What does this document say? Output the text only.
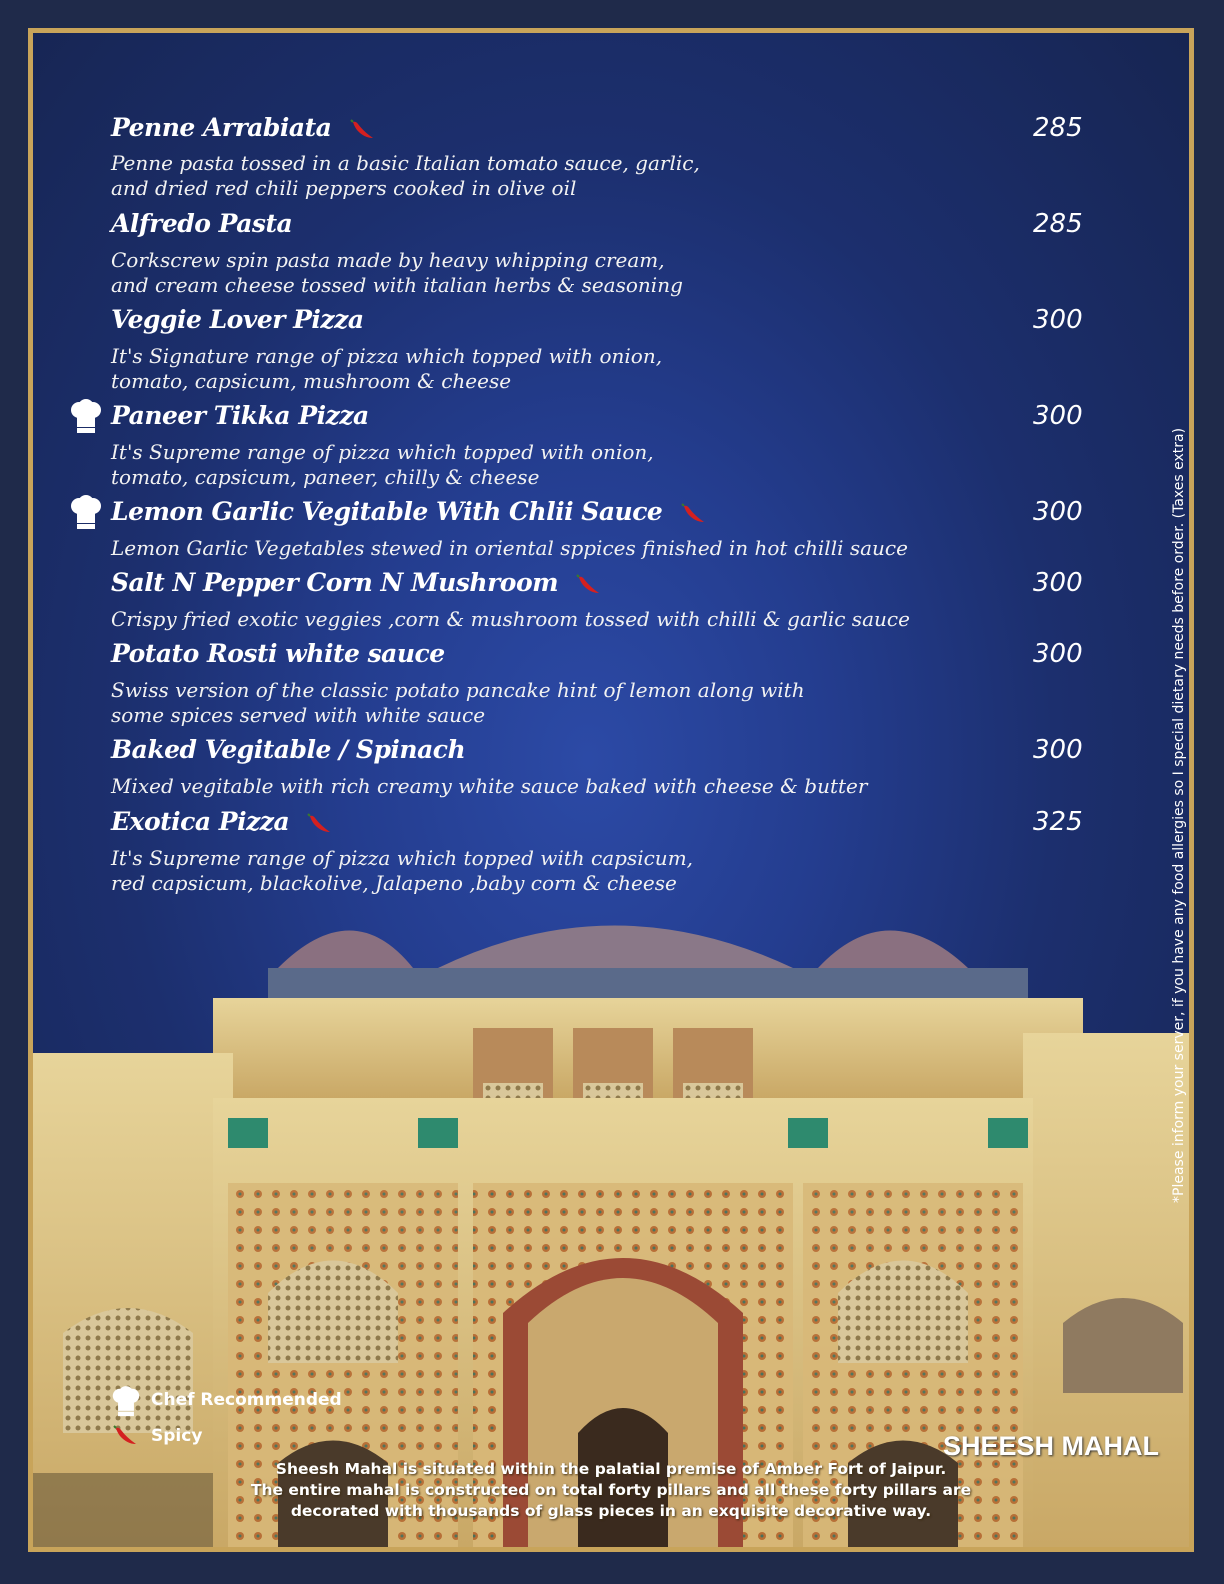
Penne Arrabiata	285
Penne pasta tossed in a basic Italian tomato sauce, garlic,
and dried red chili peppers cooked in olive oil
Alfredo Pasta	285
Corkscrew spin pasta made by heavy whipping cream,
and cream cheese tossed with italian herbs & seasoning
Veggie Lover Pizza	300
It's Signature range of pizza which topped with onion,
tomato, capsicum, mushroom & cheese
Paneer Tikka Pizza	300
It's Supreme range of pizza which topped with onion,
tomato, capsicum, paneer, chilly & cheese
Lemon Garlic Vegitable With Chlii Sauce	300
Lemon Garlic Vegetables stewed in oriental sppices finished in hot chilli sauce
Salt N Pepper Corn N Mushroom	300
Crispy fried exotic veggies ,corn & mushroom tossed with chilli & garlic sauce
Potato Rosti white sauce	300
Swiss version of the classic potato pancake hint of lemon along with
some spices served with white sauce
Baked Vegitable / Spinach	300
Mixed vegitable with rich creamy white sauce baked with cheese & butter
Exotica Pizza	325
It's Supreme range of pizza which topped with capsicum,
red capsicum, blackolive, Jalapeno ,baby corn & cheese	*Please inform your server, if you have any food allergies so I special dietary needs before order. (Taxes extra)
Chef Recommended
Spicy	SHEESH MAHAL
Sheesh Mahal is situated within the palatial premise of Amber Fort of Jaipur.
The entire mahal is constructed on total forty pillars and all these forty pillars are
decorated with thousands of glass pieces in an exquisite decorative way.
